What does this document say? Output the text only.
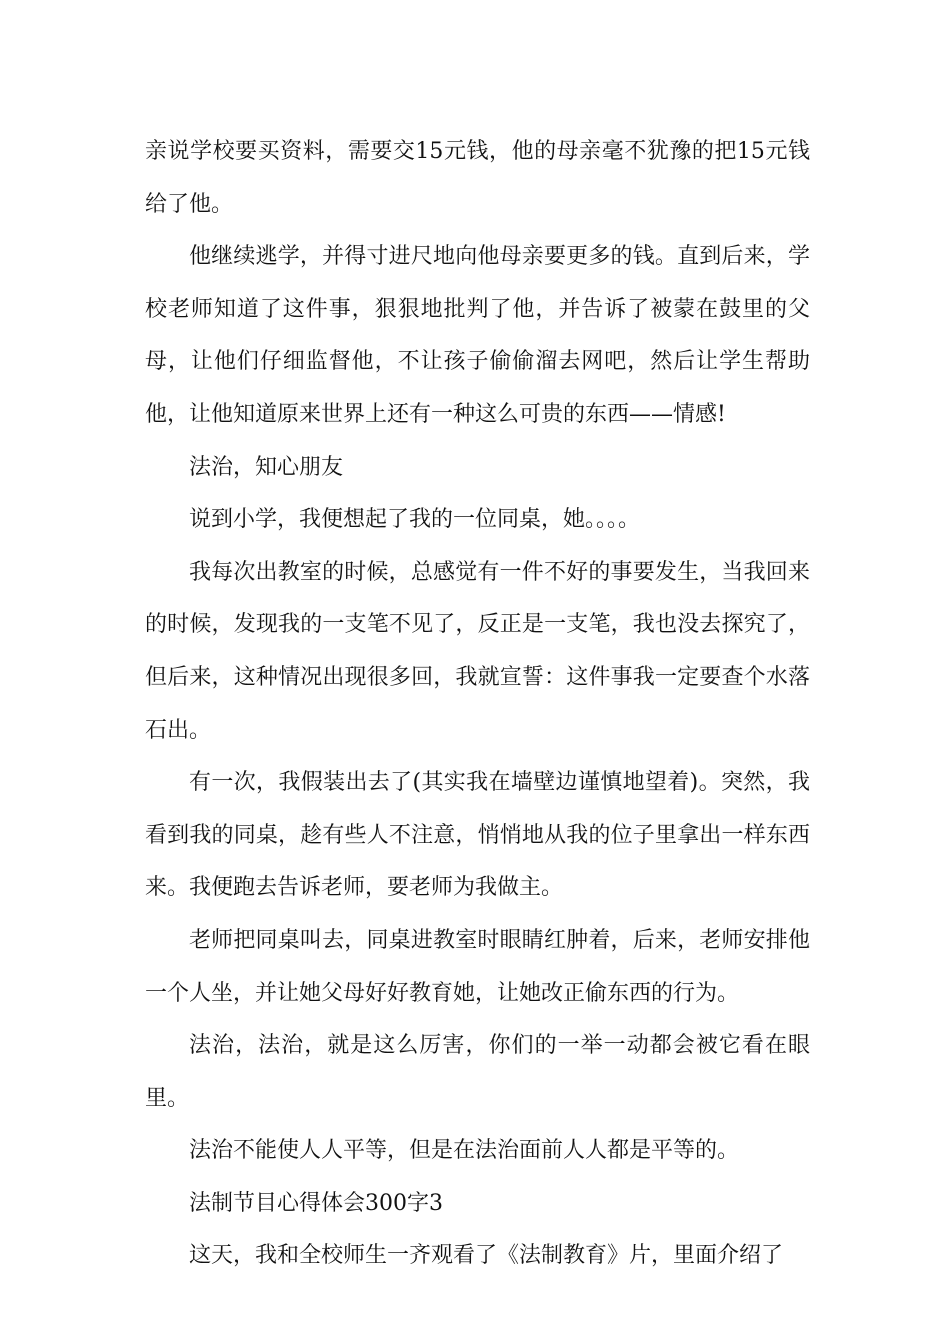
亲说学校要买资料，需要交15元钱，他的母亲毫不犹豫的把15元钱给了他。

他继续逃学，并得寸进尺地向他母亲要更多的钱。直到后来，学校老师知道了这件事，狠狠地批判了他，并告诉了被蒙在鼓里的父母，让他们仔细监督他，不让孩子偷偷溜去网吧，然后让学生帮助他，让他知道原来世界上还有一种这么可贵的东西——情感!

法治，知心朋友

说到小学，我便想起了我的一位同桌，她。。。。

我每次出教室的时候，总感觉有一件不好的事要发生，当我回来的时候，发现我的一支笔不见了，反正是一支笔，我也没去探究了，但后来，这种情况出现很多回，我就宣誓：这件事我一定要查个水落石出。

有一次，我假装出去了(其实我在墙壁边谨慎地望着)。突然，我看到我的同桌，趁有些人不注意，悄悄地从我的位子里拿出一样东西来。我便跑去告诉老师，要老师为我做主。

老师把同桌叫去，同桌进教室时眼睛红肿着，后来，老师安排他一个人坐，并让她父母好好教育她，让她改正偷东西的行为。

法治，法治，就是这么厉害，你们的一举一动都会被它看在眼里。

法治不能使人人平等，但是在法治面前人人都是平等的。

法制节目心得体会300字3

这天，我和全校师生一齐观看了《法制教育》片，里面介绍了
